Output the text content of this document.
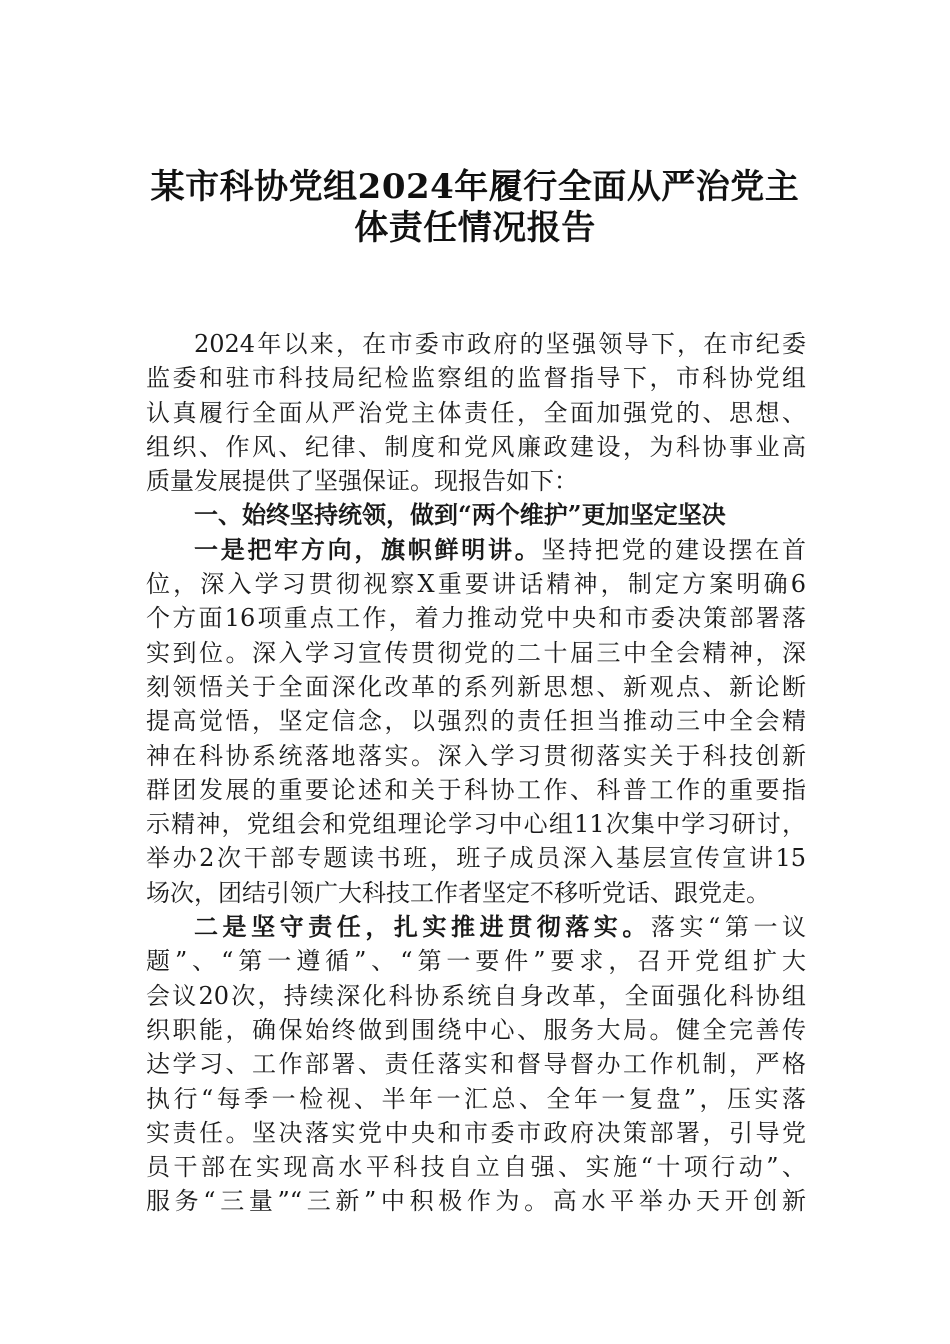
某市科协党组2024年履行全面从严治党主
体责任情况报告
2024年以来，在市委市政府的坚强领导下，在市纪委
监委和驻市科技局纪检监察组的监督指导下，市科协党组
认真履行全面从严治党主体责任，全面加强党的、思想、
组织、作风、纪律、制度和党风廉政建设，为科协事业高
质量发展提供了坚强保证。现报告如下：
一、始终坚持统领，做到“两个维护”更加坚定坚决
一是把牢方向，旗帜鲜明讲。坚持把党的建设摆在首
位，深入学习贯彻视察X重要讲话精神，制定方案明确6
个方面16项重点工作，着力推动党中央和市委决策部署落
实到位。深入学习宣传贯彻党的二十届三中全会精神，深
刻领悟关于全面深化改革的系列新思想、新观点、新论断
提高觉悟，坚定信念，以强烈的责任担当推动三中全会精
神在科协系统落地落实。深入学习贯彻落实关于科技创新
群团发展的重要论述和关于科协工作、科普工作的重要指
示精神，党组会和党组理论学习中心组11次集中学习研讨，
举办2次干部专题读书班，班子成员深入基层宣传宣讲15
场次，团结引领广大科技工作者坚定不移听党话、跟党走。
二是坚守责任，扎实推进贯彻落实。落实“第一议
题”、“第一遵循”、“第一要件”要求，召开党组扩大
会议20次，持续深化科协系统自身改革，全面强化科协组
织职能，确保始终做到围绕中心、服务大局。健全完善传
达学习、工作部署、责任落实和督导督办工作机制，严格
执行“每季一检视、半年一汇总、全年一复盘”，压实落
实责任。坚决落实党中央和市委市政府决策部署，引导党
员干部在实现高水平科技自立自强、实施“十项行动”、
服务“三量”“三新”中积极作为。高水平举办天开创新
